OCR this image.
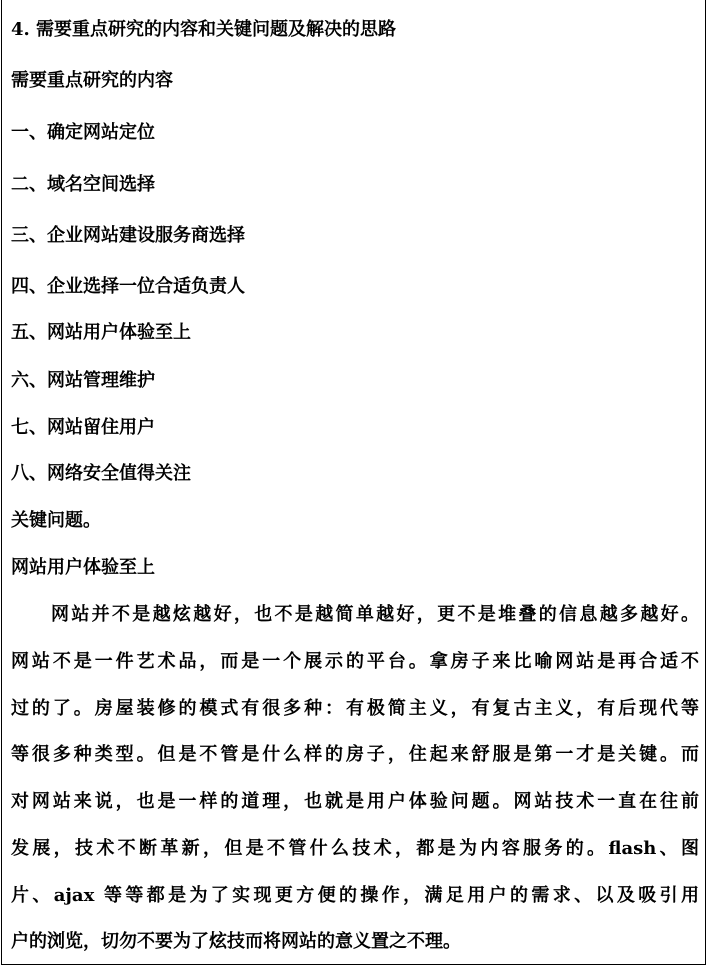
4. 需要重点研究的内容和关键问题及解决的思路
需要重点研究的内容
一、确定网站定位
二、域名空间选择
三、企业网站建设服务商选择
四、企业选择一位合适负责人
五、网站用户体验至上
六、网站管理维护
七、网站留住用户
八、网络安全值得关注
关键问题。
网站用户体验至上
网站并不是越炫越好，也不是越简单越好，更不是堆叠的信息越多越好。
网站不是一件艺术品，而是一个展示的平台。拿房子来比喻网站是再合适不
过的了。房屋装修的模式有很多种：有极简主义，有复古主义，有后现代等
等很多种类型。但是不管是什么样的房子，住起来舒服是第一才是关键。而
对网站来说，也是一样的道理，也就是用户体验问题。网站技术一直在往前
发展，技术不断革新，但是不管什么技术，都是为内容服务的。flash、图
片、ajax 等等都是为了实现更方便的操作，满足用户的需求、以及吸引用
户的浏览，切勿不要为了炫技而将网站的意义置之不理。
